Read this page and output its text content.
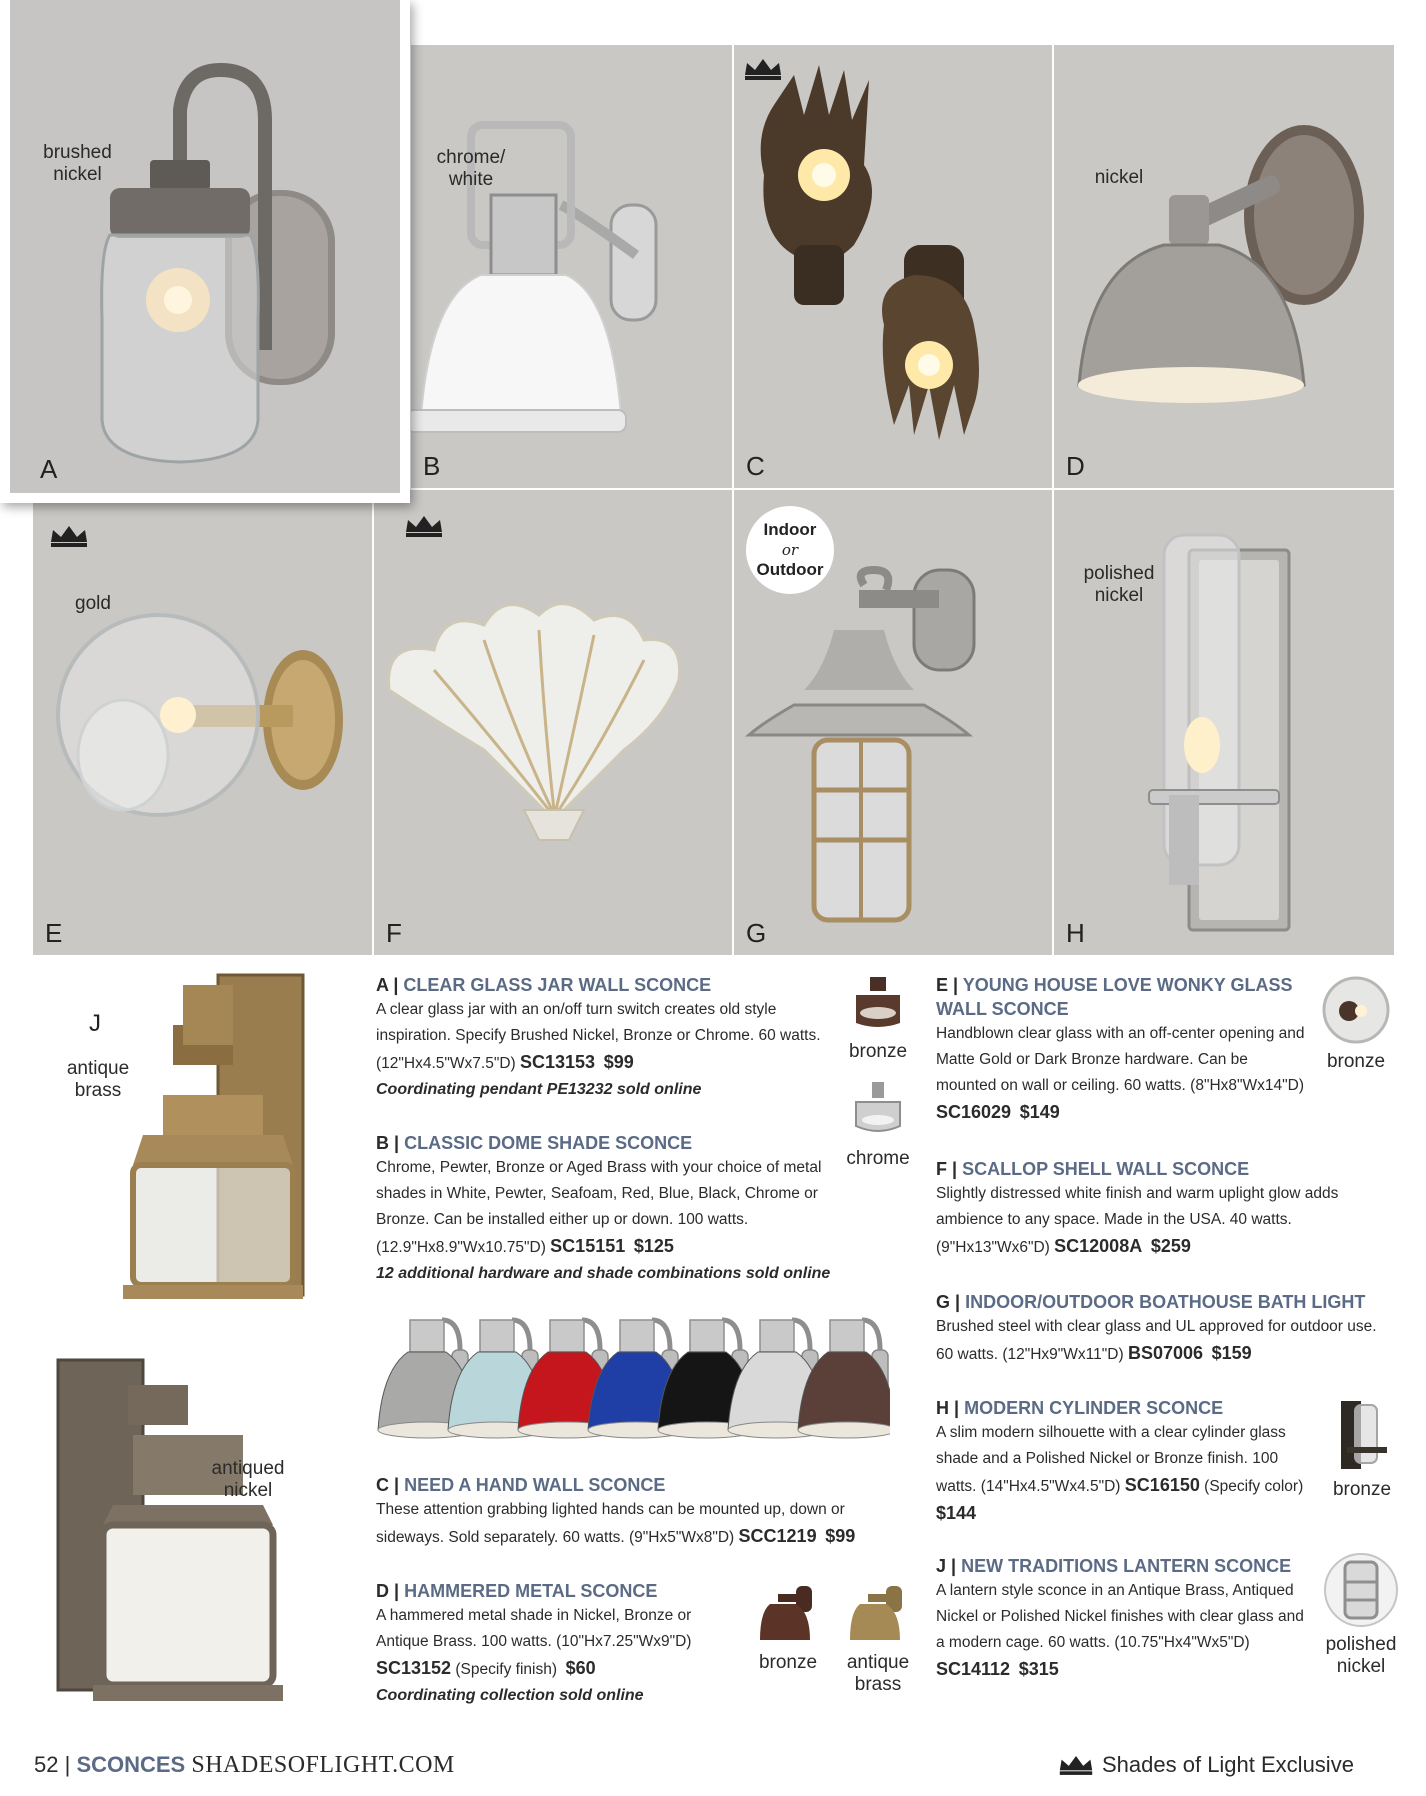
brushed nickel
A
chrome/ white
B	C
nickel
D
gold
E	F
Indoor
or
Outdoor
G
polished nickel
H
J
antique brass
antiqued nickel
A | CLEAR GLASS JAR WALL SCONCE
A clear glass jar with an on/off turn switch creates old style inspiration. Specify Brushed Nickel, Bronze or Chrome. 60 watts. (12"Hx4.5"Wx7.5"D) SC13153 $99
Coordinating pendant PE13232 sold online
B | CLASSIC DOME SHADE SCONCE
Chrome, Pewter, Bronze or Aged Brass with your choice of metal shades in White, Pewter, Seafoam, Red, Blue, Black, Chrome or Bronze. Can be installed either up or down. 100 watts. (12.9"Hx8.9"Wx10.75"D) SC15151 $125
12 additional hardware and shade combinations sold online
C | NEED A HAND WALL SCONCE
These attention grabbing lighted hands can be mounted up, down or sideways. Sold separately. 60 watts. (9"Hx5"Wx8"D) SCC1219 $99
D | HAMMERED METAL SCONCE
A hammered metal shade in Nickel, Bronze or Antique Brass. 100 watts. (10"Hx7.25"Wx9"D) SC13152 (Specify finish) $60
Coordinating collection sold online
bronze
chrome
bronze	antique brass
E | YOUNG HOUSE LOVE WONKY GLASS WALL SCONCE
Handblown clear glass with an off-center opening and Matte Gold or Dark Bronze hardware. Can be mounted on wall or ceiling. 60 watts. (8"Hx8"Wx14"D) SC16029 $149
F | SCALLOP SHELL WALL SCONCE
Slightly distressed white finish and warm uplight glow adds ambience to any space. Made in the USA. 40 watts. (9"Hx13"Wx6"D) SC12008A $259
G | INDOOR/OUTDOOR BOATHOUSE BATH LIGHT
Brushed steel with clear glass and UL approved for outdoor use. 60 watts. (12"Hx9"Wx11"D) BS07006 $159
H | MODERN CYLINDER SCONCE
A slim modern silhouette with a clear cylinder glass shade and a Polished Nickel or Bronze finish. 100 watts. (14"Hx4.5"Wx4.5"D) SC16150 (Specify color)  $144
J | NEW TRADITIONS LANTERN SCONCE
A lantern style sconce in an Antique Brass, Antiqued Nickel or Polished Nickel finishes with clear glass and a modern cage. 60 watts. (10.75"Hx4"Wx5"D) SC14112 $315
bronze
bronze
polished nickel
52 | SCONCES SHADESOFLIGHT.COM	Shades of Light Exclusive
